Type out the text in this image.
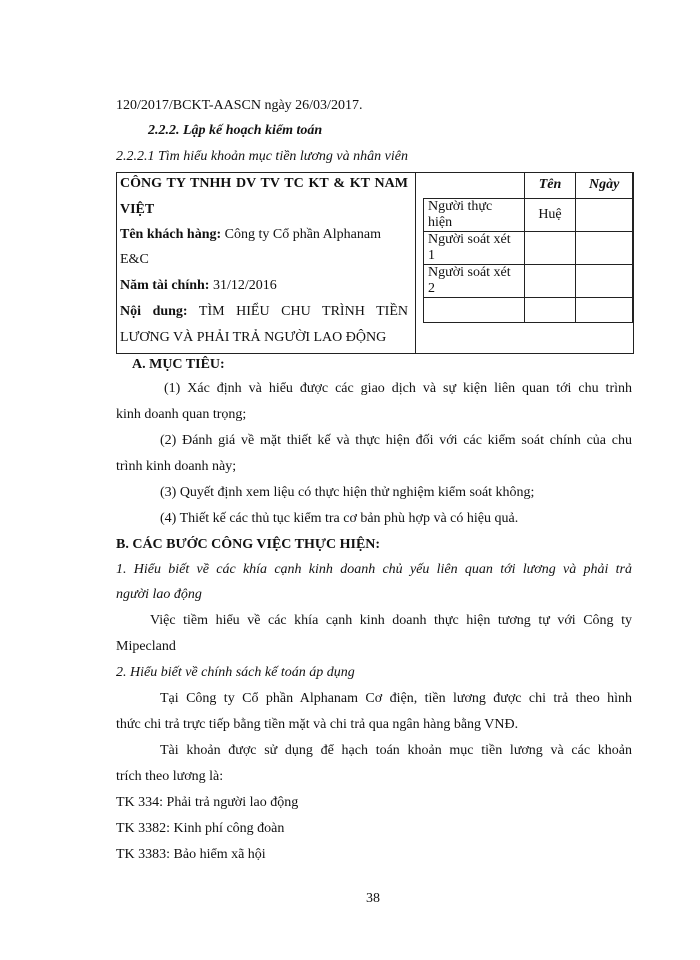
120/2017/BCKT-AASCN ngày 26/03/2017.
2.2.2. Lập kế hoạch kiểm toán
2.2.2.1 Tìm hiểu khoản mục tiền lương và nhân viên
CÔNG TY TNHH DV TV TC KT & KT NAM
VIỆT
Tên khách hàng: Công ty Cổ phần Alphanam
E&C
Năm tài chính: 31/12/2016
Nội dung: TÌM HIỂU CHU TRÌNH TIỀN
LƯƠNG VÀ PHẢI TRẢ NGƯỜI LAO ĐỘNG
	Tên	Ngày
Người thực hiện	Huệ	
Người soát xét 1		
Người soát xét 2		

A. MỤC TIÊU:
(1) Xác định và hiểu được các giao dịch và sự kiện liên quan tới chu trình
kinh doanh quan trọng;
(2) Đánh giá về mặt thiết kế và thực hiện đối với các kiểm soát chính của chu
trình kinh doanh này;
(3) Quyết định xem liệu có thực hiện thử nghiệm kiểm soát không;
(4) Thiết kế các thủ tục kiểm tra cơ bản phù hợp và có hiệu quả.
B. CÁC BƯỚC CÔNG VIỆC THỰC HIỆN:
1. Hiểu biết về các khía cạnh kinh doanh chủ yếu liên quan tới lương và phải trả
người lao động
Việc tiềm hiểu về các khía cạnh kinh doanh thực hiện tương tự với Công ty
Mipecland
2. Hiểu biết về chính sách kế toán áp dụng
Tại Công ty Cổ phần Alphanam Cơ điện, tiền lương được chi trả theo hình
thức chi trả trực tiếp bằng tiền mặt và chi trả qua ngân hàng bằng VNĐ.
Tài khoản được sử dụng để hạch toán khoản mục tiền lương và các khoản
trích theo lương là:
TK 334: Phải trả người lao động
TK 3382: Kinh phí công đoàn
TK 3383: Bảo hiểm xã hội
38
